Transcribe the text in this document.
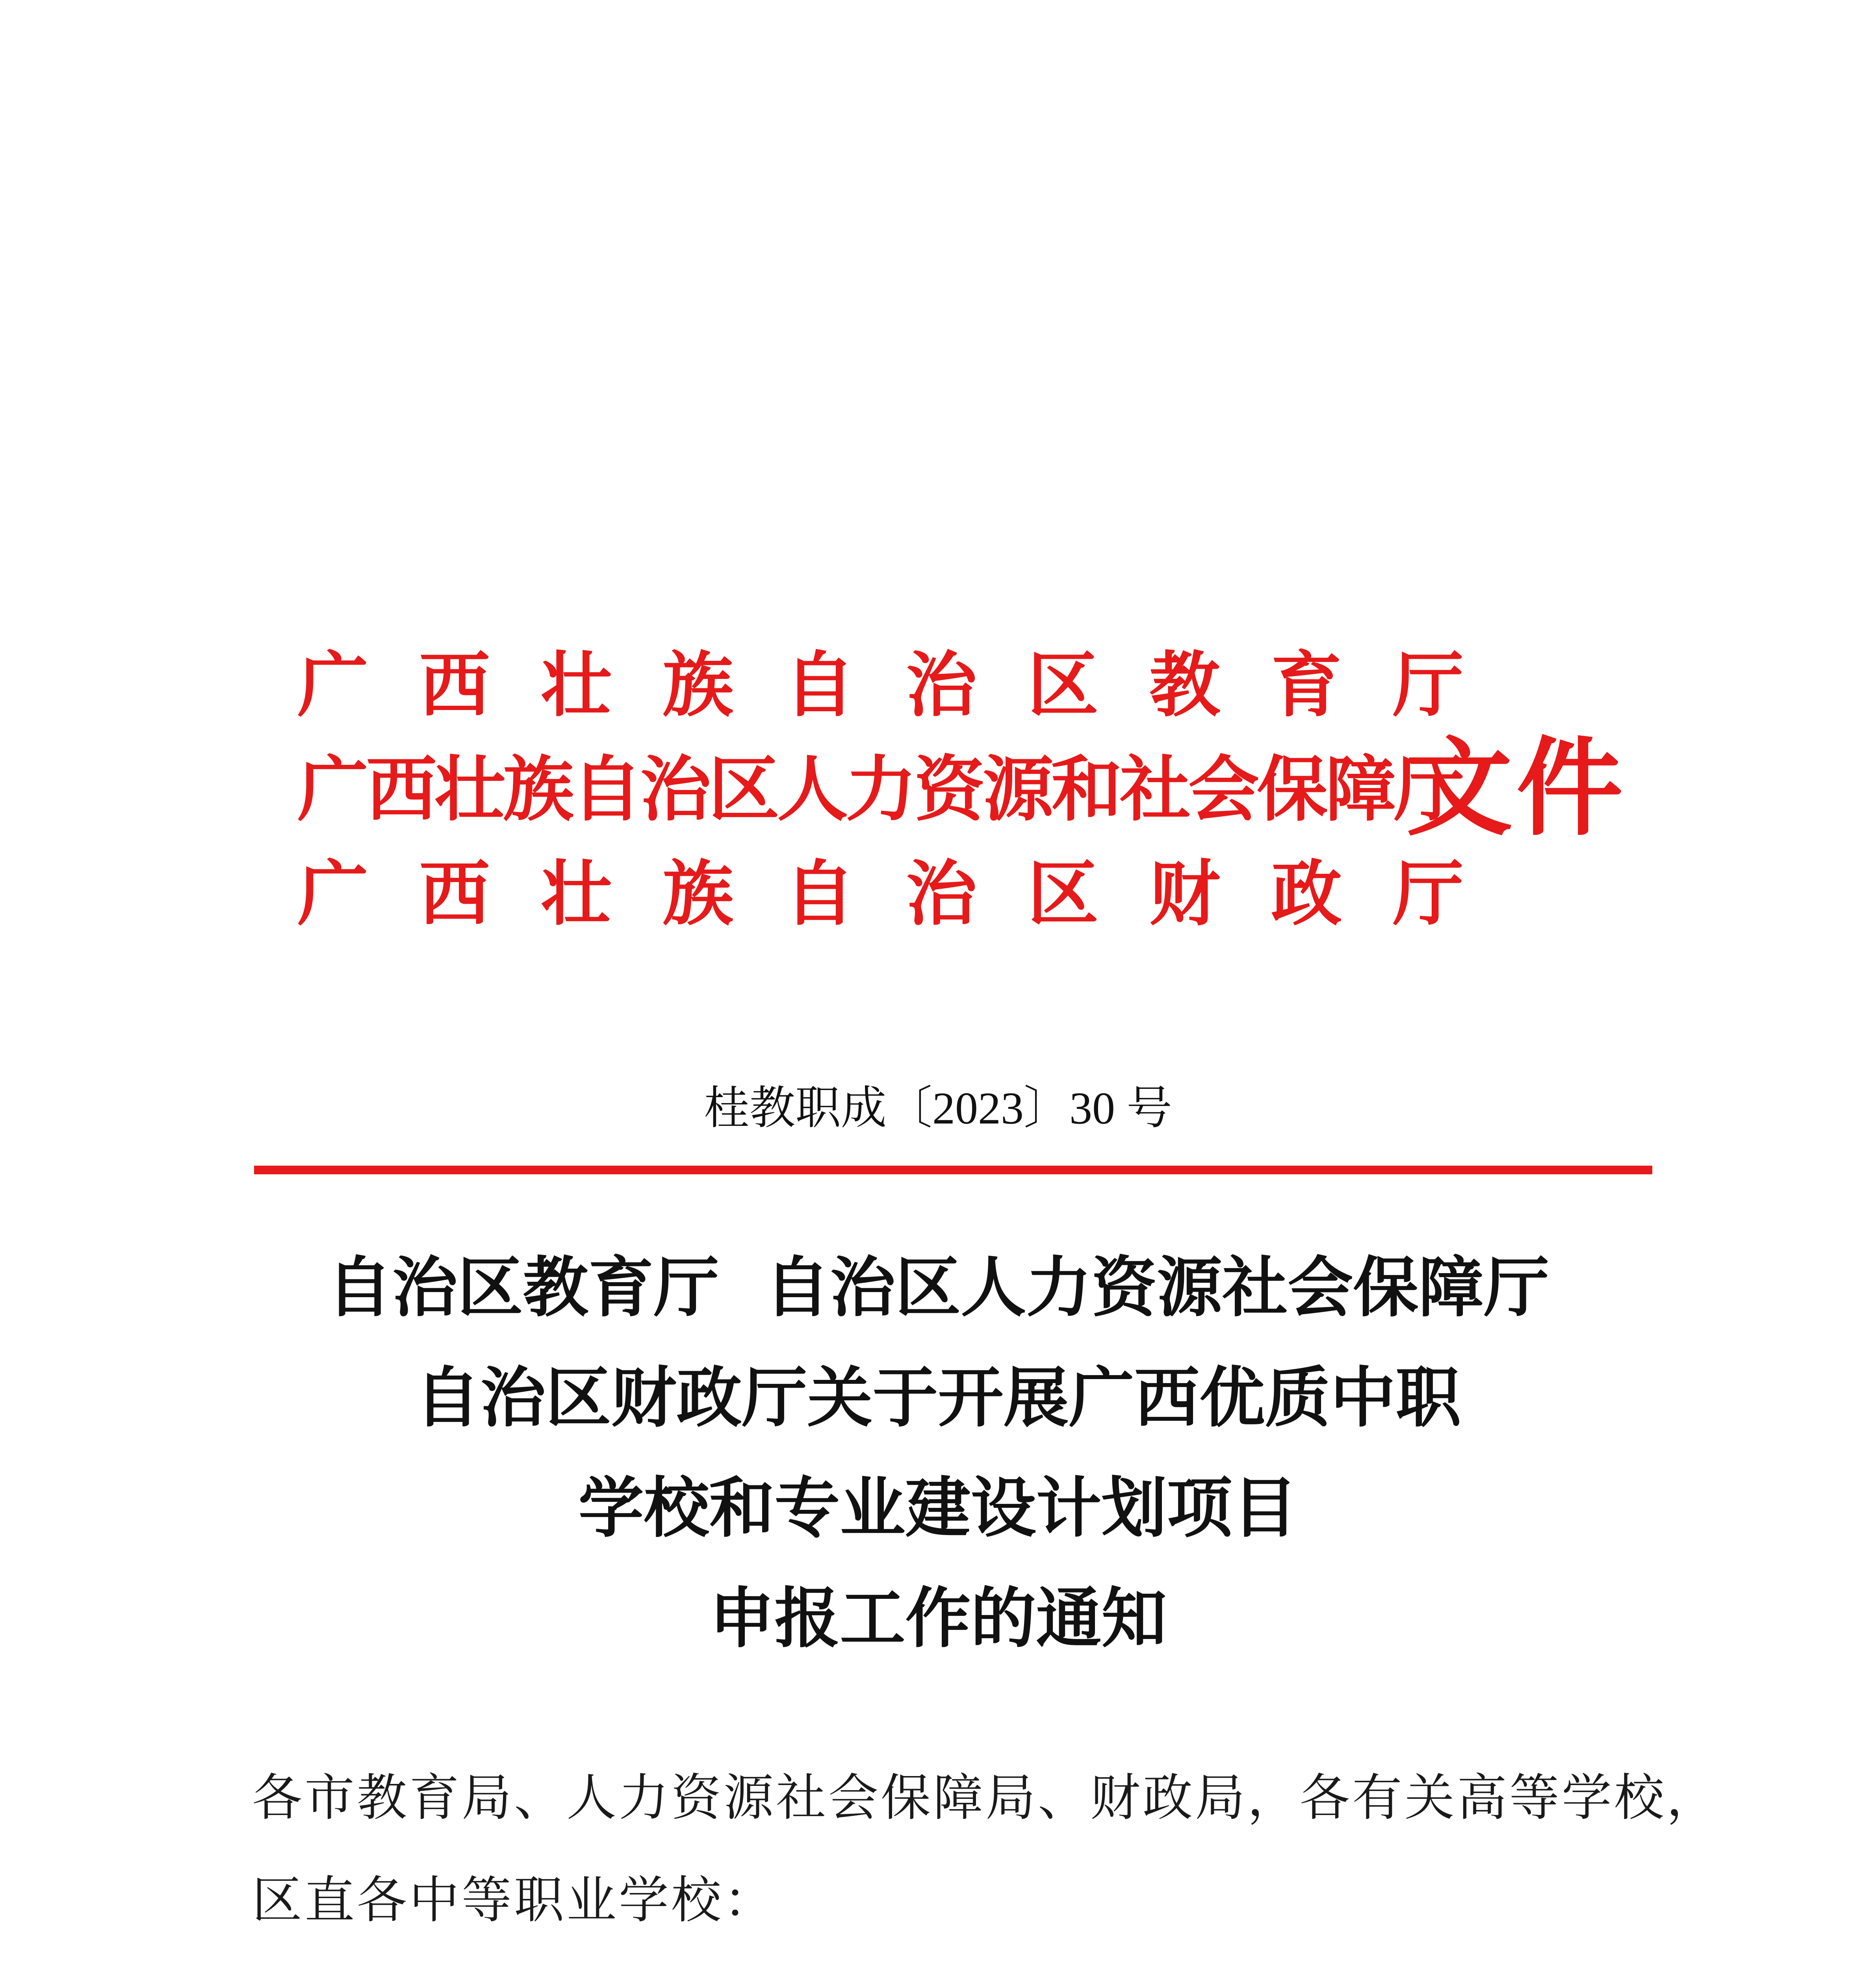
广西壮族自治区教育厅
广西壮族自治区人力资源和社会保障厅
广西壮族自治区财政厅
文件
桂教职成〔2023〕30 号
自治区教育厅  自治区人力资源社会保障厅
自治区财政厅关于开展广西优质中职
学校和专业建设计划项目
申报工作的通知
各市教育局、人力资源社会保障局、财政局，各有关高等学校，
区直各中等职业学校：
